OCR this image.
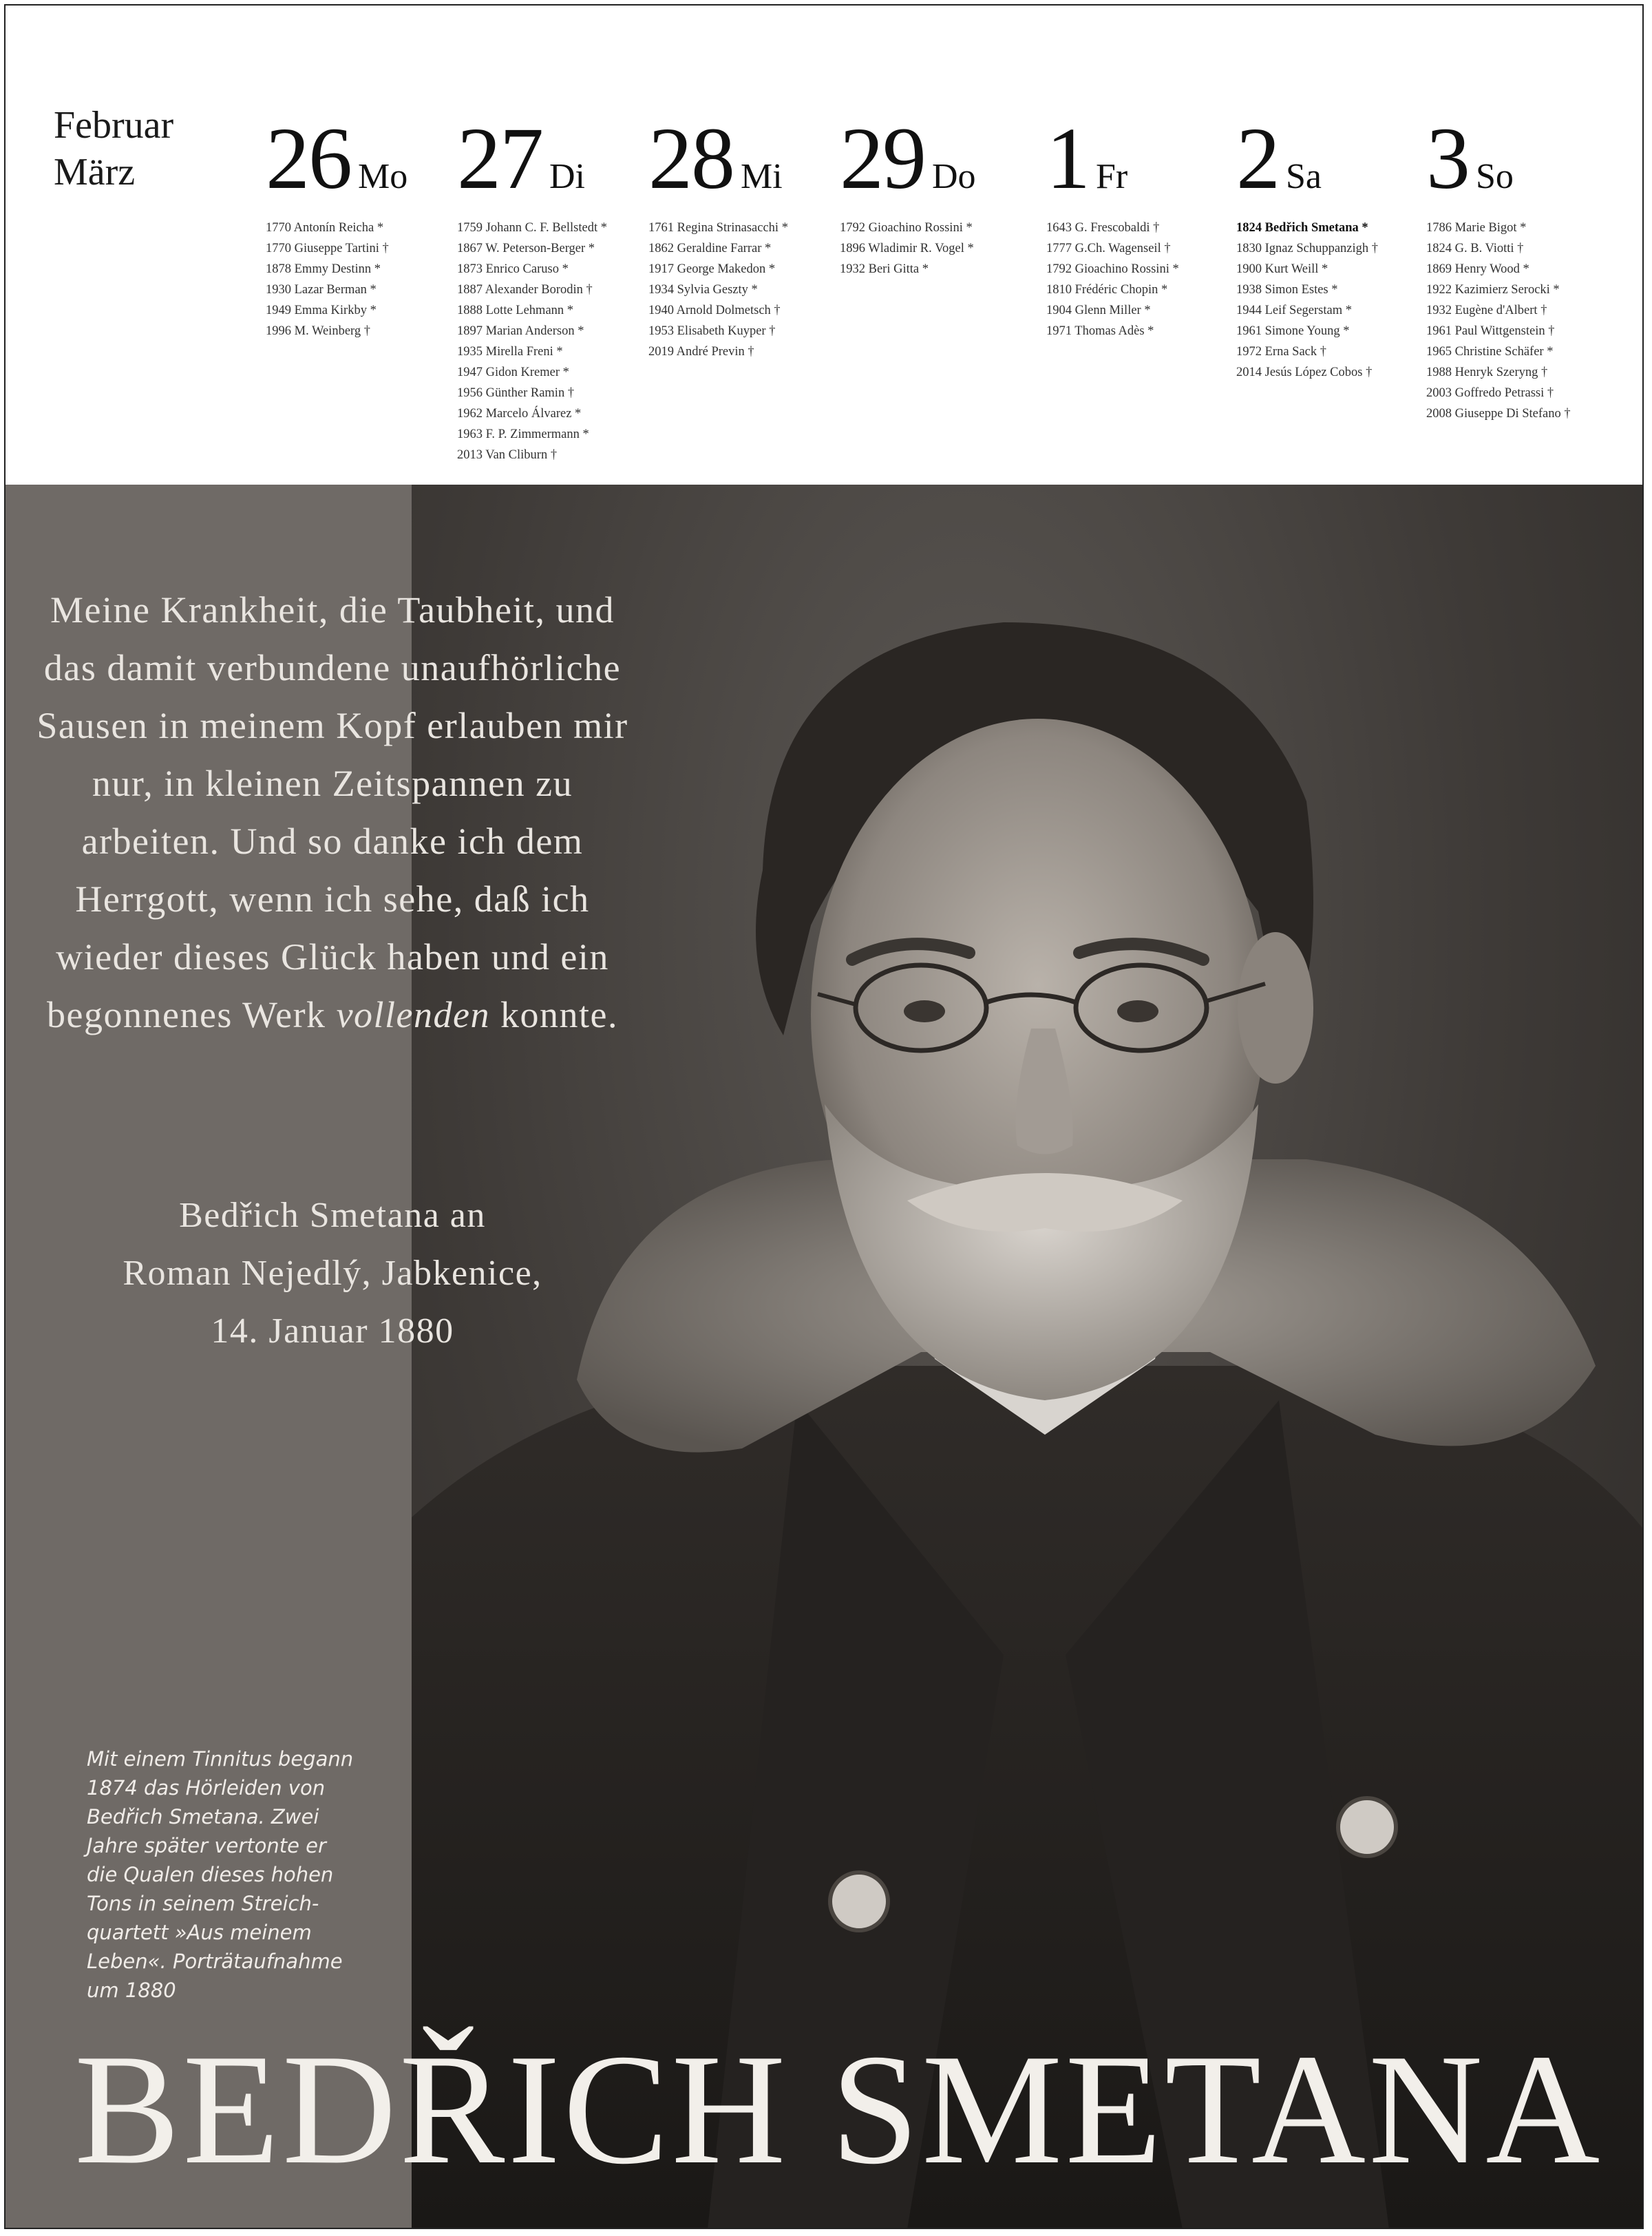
Februar
März	26 Mo
1770 Antonín Reicha *
1770 Giuseppe Tartini †
1878 Emmy Destinn *
1930 Lazar Berman *
1949 Emma Kirkby *
1996 M. Weinberg †
27 Di
1759 Johann C. F. Bellstedt *
1867 W. Peterson-Berger *
1873 Enrico Caruso *
1887 Alexander Borodin †
1888 Lotte Lehmann *
1897 Marian Anderson *
1935 Mirella Freni *
1947 Gidon Kremer *
1956 Günther Ramin †
1962 Marcelo Álvarez *
1963 F. P. Zimmermann *
2013 Van Cliburn †
28 Mi
1761 Regina Strinasacchi *
1862 Geraldine Farrar *
1917 George Makedon *
1934 Sylvia Geszty *
1940 Arnold Dolmetsch †
1953 Elisabeth Kuyper †
2019 André Previn †
29 Do
1792 Gioachino Rossini *
1896 Wladimir R. Vogel *
1932 Beri Gitta *
1 Fr
1643 G. Frescobaldi †
1777 G.Ch. Wagenseil †
1792 Gioachino Rossini *
1810 Frédéric Chopin *
1904 Glenn Miller *
1971 Thomas Adès *
2 Sa
1824 Bedřich Smetana *
1830 Ignaz Schuppanzigh †
1900 Kurt Weill *
1938 Simon Estes *
1944 Leif Segerstam *
1961 Simone Young *
1972 Erna Sack †
2014 Jesús López Cobos †
3 So
1786 Marie Bigot *
1824 G. B. Viotti †
1869 Henry Wood *
1922 Kazimierz Serocki *
1932 Eugène d'Albert †
1961 Paul Wittgenstein †
1965 Christine Schäfer *
1988 Henryk Szeryng †
2003 Goffredo Petrassi †
2008 Giuseppe Di Stefano †
Meine Krankheit, die Taubheit, und das damit verbundene unaufhörliche Sausen in meinem Kopf erlauben mir nur, in kleinen Zeitspannen zu arbeiten. Und so danke ich dem Herrgott, wenn ich sehe, daß ich wieder dieses Glück haben und ein begonnenes Werk vollenden konnte.
Bedřich Smetana an
Roman Nejedlý, Jabkenice,
14. Januar 1880
Mit einem Tinnitus begann
1874 das Hörleiden von
Bedřich Smetana. Zwei
Jahre später vertonte er
die Qualen dieses hohen
Tons in seinem Streich-
quartett »Aus meinem
Leben«. Porträtaufnahme
um 1880
BEDŘICH SMETANA
